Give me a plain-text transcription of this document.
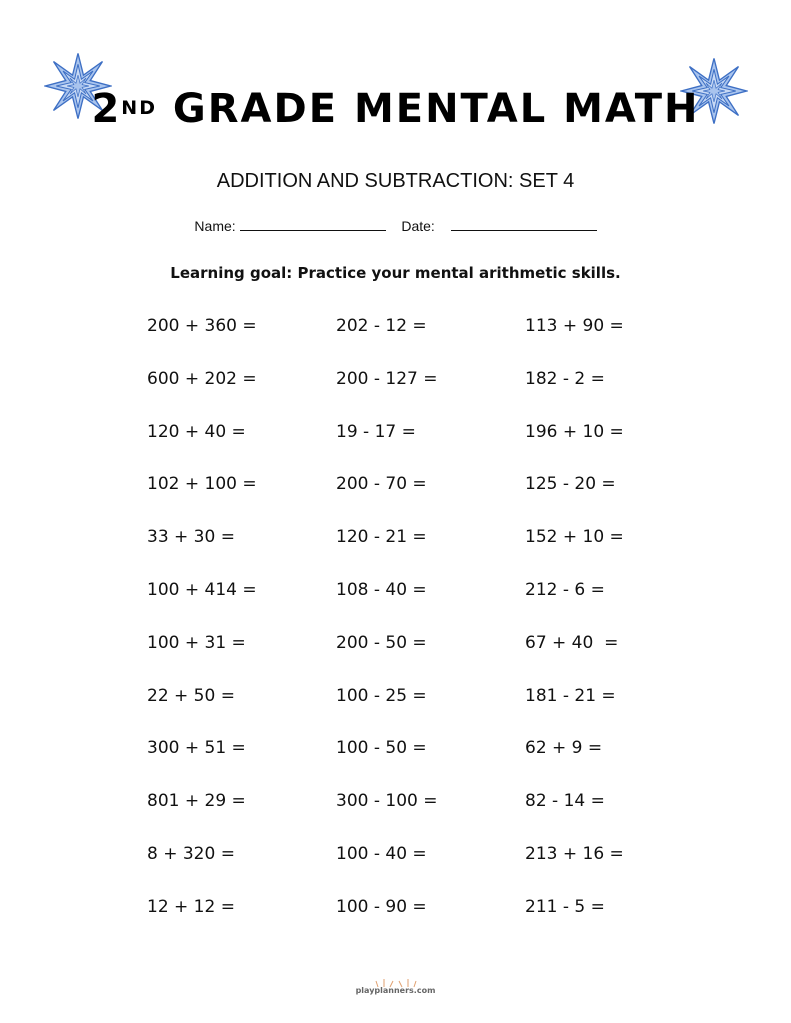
2ND GRADE MENTAL MATH
ADDITION AND SUBTRACTION: SET 4
Name:	Date:
Learning goal: Practice your mental arithmetic skills.
200 + 360 =
600 + 202 =
120 + 40 =
102 + 100 =
33 + 30 =
100 + 414 =
100 + 31 =
22 + 50 =
300 + 51 =
801 + 29 =
8 + 320 =
12 + 12 =
202 - 12 =
200 - 127 =
19 - 17 =
200 - 70 =
120 - 21 =
108 - 40 =
200 - 50 =
100 - 25 =
100 - 50 =
300 - 100 =
100 - 40 =
100 - 90 =
113 + 90 =
182 - 2 =
196 + 10 =
125 - 20 =
152 + 10 =
212 - 6 =
67 + 40  =
181 - 21 =
62 + 9 =
82 - 14 =
213 + 16 =
211 - 5 =
playplanners.com
